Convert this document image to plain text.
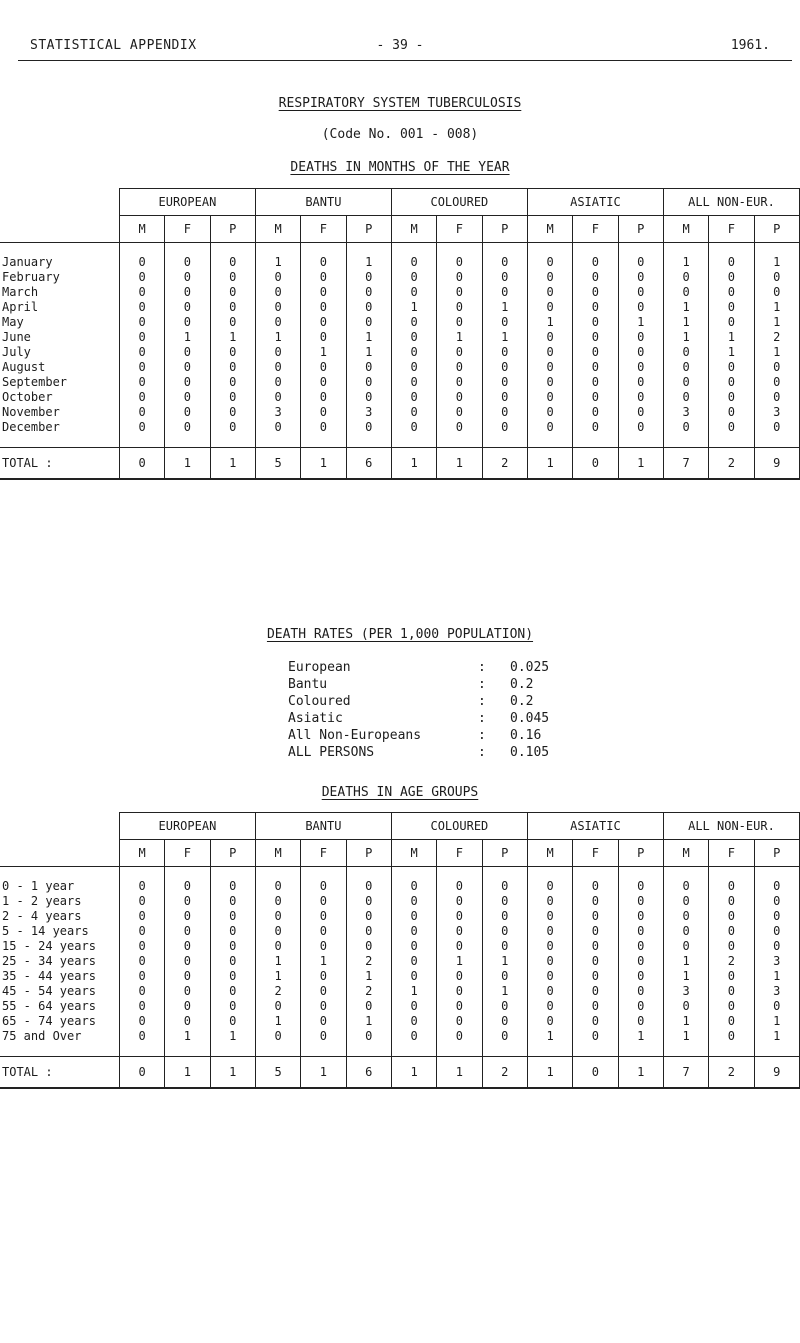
STATISTICAL APPENDIX	- 39 -	1961.
RESPIRATORY SYSTEM TUBERCULOSIS
(Code No. 001 - 008)
DEATHS IN MONTHS OF THE YEAR
	EUROPEAN			BANTU			COLOURED			ASIATIC			ALL NON-EUR.		
	M	F	P	M	F	P	M	F	P	M	F	P	M	F	P

January	0	0	0	1	0	1	0	0	0	0	0	0	1	0	1
February	0	0	0	0	0	0	0	0	0	0	0	0	0	0	0
March	0	0	0	0	0	0	0	0	0	0	0	0	0	0	0
April	0	0	0	0	0	0	1	0	1	0	0	0	1	0	1
May	0	0	0	0	0	0	0	0	0	1	0	1	1	0	1
June	0	1	1	1	0	1	0	1	1	0	0	0	1	1	2
July	0	0	0	0	1	1	0	0	0	0	0	0	0	1	1
August	0	0	0	0	0	0	0	0	0	0	0	0	0	0	0
September	0	0	0	0	0	0	0	0	0	0	0	0	0	0	0
October	0	0	0	0	0	0	0	0	0	0	0	0	0	0	0
November	0	0	0	3	0	3	0	0	0	0	0	0	3	0	3
December	0	0	0	0	0	0	0	0	0	0	0	0	0	0	0

TOTAL :	0	1	1	5	1	6	1	1	2	1	0	1	7	2	9
DEATH RATES (PER 1,000 POPULATION)
European	:	0.025
Bantu	:	0.2
Coloured	:	0.2
Asiatic	:	0.045
All Non-Europeans	:	0.16
ALL PERSONS	:	0.105
DEATHS IN AGE GROUPS
	EUROPEAN			BANTU			COLOURED			ASIATIC			ALL NON-EUR.		
	M	F	P	M	F	P	M	F	P	M	F	P	M	F	P

0 - 1 year	0	0	0	0	0	0	0	0	0	0	0	0	0	0	0
1 - 2 years	0	0	0	0	0	0	0	0	0	0	0	0	0	0	0
2 - 4 years	0	0	0	0	0	0	0	0	0	0	0	0	0	0	0
5 - 14 years	0	0	0	0	0	0	0	0	0	0	0	0	0	0	0
15 - 24 years	0	0	0	0	0	0	0	0	0	0	0	0	0	0	0
25 - 34 years	0	0	0	1	1	2	0	1	1	0	0	0	1	2	3
35 - 44 years	0	0	0	1	0	1	0	0	0	0	0	0	1	0	1
45 - 54 years	0	0	0	2	0	2	1	0	1	0	0	0	3	0	3
55 - 64 years	0	0	0	0	0	0	0	0	0	0	0	0	0	0	0
65 - 74 years	0	0	0	1	0	1	0	0	0	0	0	0	1	0	1
75 and Over	0	1	1	0	0	0	0	0	0	1	0	1	1	0	1

TOTAL :	0	1	1	5	1	6	1	1	2	1	0	1	7	2	9
